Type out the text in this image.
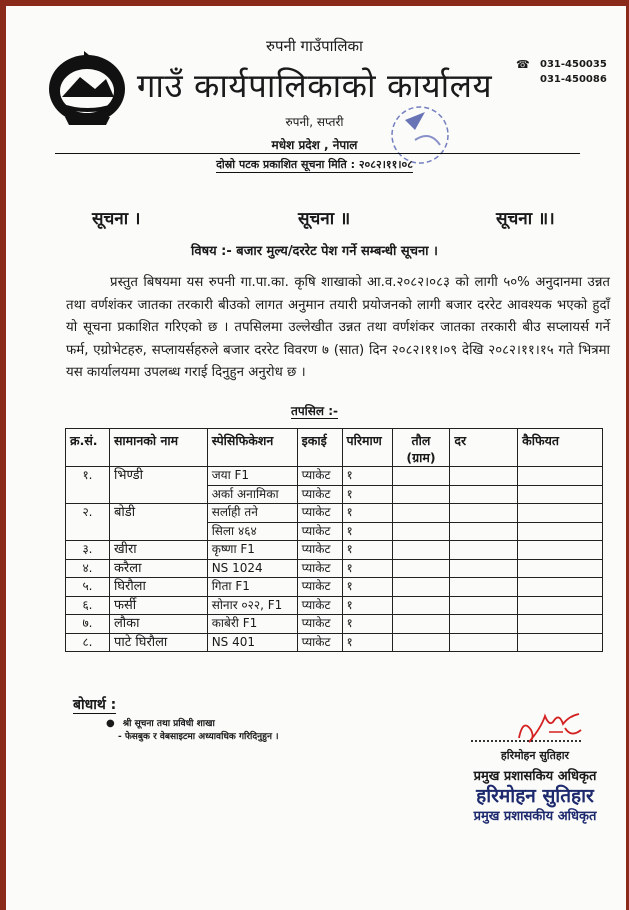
रुपनी गाउँपालिका
गाउँ कार्यपालिकाको कार्यालय
रुपनी, सप्तरी
मधेश प्रदेश , नेपाल
☎	031-450035
031-450086
दोस्रो पटक प्रकाशित सूचना मिति : २०८२।११।०८
सूचना ।	सूचना ॥	सूचना ॥।
विषय :- बजार मुल्य/दररेट पेश गर्ने सम्बन्धी सूचना ।
प्रस्तुत बिषयमा यस रुपनी गा.पा.का. कृषि शाखाको आ.व.२०८२।०८३ को लागी ५०% अनुदानमा उन्नत तथा वर्णशंकर जातका तरकारी बीउको लागत अनुमान तयारी प्रयोजनको लागी बजार दररेट आवश्यक भएको हुदाँ यो सूचना प्रकाशित गरिएको छ । तपसिलमा उल्लेखीत उन्नत तथा वर्णशंकर जातका तरकारी बीउ सप्लायर्स गर्ने फर्म, एग्रोभेटहरु, सप्लायर्सहरुले बजार दररेट विवरण ७ (सात) दिन २०८२।११।०९ देखि २०८२।११।१५ गते भित्रमा यस कार्यालयमा उपलब्ध गराई दिनुहुन अनुरोध छ ।
तपसिल :-
क्र.सं.	सामानको नाम	स्पेसिफिकेशन	इकाई	परिमाण	तौल (ग्राम)	दर	कैफियत
१.	भिण्डी	जया F1	प्याकेट	१			
		अर्का अनामिका	प्याकेट	१			
२.	बोडी	सर्लाही तने	प्याकेट	१			
		सिला ४६४	प्याकेट	१			
३.	खीरा	कृष्णा F1	प्याकेट	१			
४.	करैला	NS 1024	प्याकेट	१			
५.	घिरौला	गिता F1	प्याकेट	१			
६.	फर्सी	सोनार ०२२, F1	प्याकेट	१			
७.	लौका	काबेरी F1	प्याकेट	१			
८.	पाटे घिरौला	NS 401	प्याकेट	१			
बोधार्थ :
● श्री सूचना तथा प्रविधी शाखा
- फेसबुक र वेबसाइटमा अध्यावधिक गरिदिनुहुन ।
हरिमोहन सुतिहार
प्रमुख प्रशासकिय अधिकृत
हरिमोहन सुतिहार
प्रमुख प्रशासकीय अधिकृत
